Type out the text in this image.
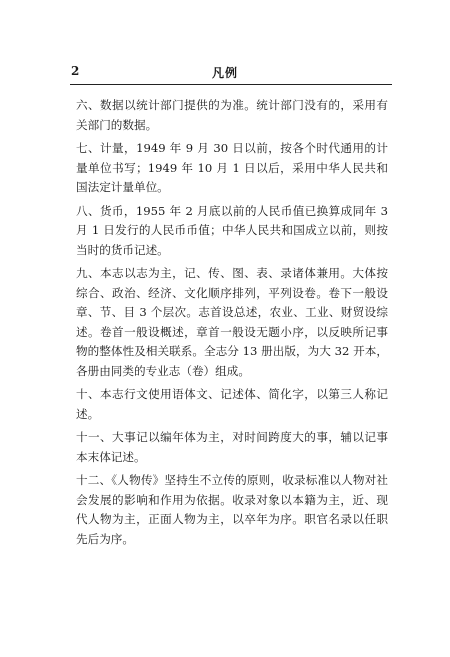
2	凡例

六、数据以统计部门提供的为准。统计部门没有的，采用有关部门的数据。

七、计量，1949 年 9 月 30 日以前，按各个时代通用的计量单位书写；1949 年 10 月 1 日以后，采用中华人民共和国法定计量单位。

八、货币，1955 年 2 月底以前的人民币值已换算成同年 3 月 1 日发行的人民币币值；中华人民共和国成立以前，则按当时的货币记述。

九、本志以志为主，记、传、图、表、录诸体兼用。大体按综合、政治、经济、文化顺序排列，平列设卷。卷下一般设章、节、目 3 个层次。志首设总述，农业、工业、财贸设综述。卷首一般设概述，章首一般设无题小序，以反映所记事物的整体性及相关联系。全志分 13 册出版，为大 32 开本，各册由同类的专业志（卷）组成。

十、本志行文使用语体文、记述体、简化字，以第三人称记述。

十一、大事记以编年体为主，对时间跨度大的事，辅以记事本末体记述。

十二、《人物传》坚持生不立传的原则，收录标准以人物对社会发展的影响和作用为依据。收录对象以本籍为主，近、现代人物为主，正面人物为主，以卒年为序。职官名录以任职先后为序。
